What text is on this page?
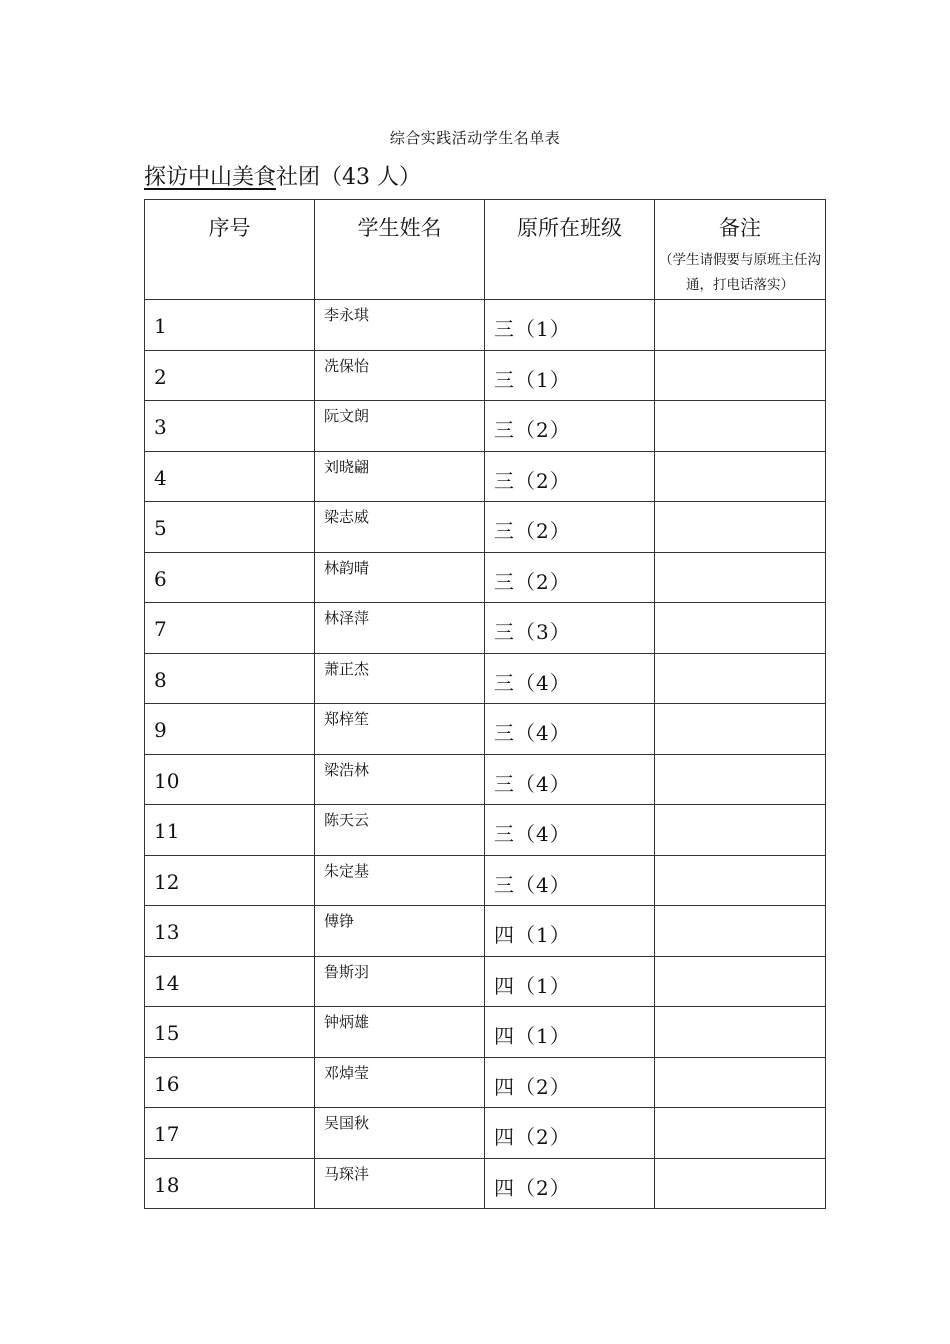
综合实践活动学生名单表
探访中山美食社团（43 人）
序号	学生姓名	原所在班级	备注
（学生请假要与原班主任沟通，打电话落实）

1	李永琪	三（1）	
2	冼保怡	三（1）	
3	阮文朗	三（2）	
4	刘晓翩	三（2）	
5	梁志威	三（2）	
6	林韵晴	三（2）	
7	林泽萍	三（3）	
8	萧正杰	三（4）	
9	郑梓笙	三（4）	
10	梁浩林	三（4）	
11	陈天云	三（4）	
12	朱定基	三（4）	
13	傅铮	四（1）	
14	鲁斯羽	四（1）	
15	钟炳雄	四（1）	
16	邓焯莹	四（2）	
17	吴国秋	四（2）	
18	马琛沣	四（2）	
